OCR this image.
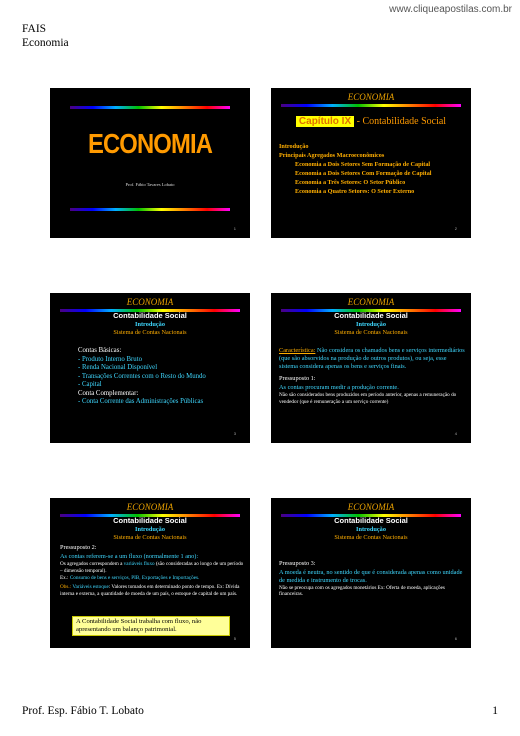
www.cliqueapostilas.com.br
FAIS
Economia
ECONOMIA
Prof. Fábio Tavares Lobato
1
ECONOMIA
Capítulo IX - Contabilidade Social
Introdução
Principais Agregados Macroeconômicos
Economia a Dois Setores Sem Formação de Capital
Economia a Dois Setores Com Formação de Capital
Economia a Três Setores: O Setor Público
Economia a Quatro Setores: O Setor Externo
2
ECONOMIA
Contabilidade Social
Introdução
Sistema de Contas Nacionais
Contas Básicas:
- Produto Interno Bruto
- Renda Nacional Disponível
- Transações Correntes com o Resto do Mundo
- Capital
Conta Complementar:
- Conta Corrente das Administrações Públicas
3
ECONOMIA
Contabilidade Social
Introdução
Sistema de Contas Nacionais
Característica: Não considera os chamados bens e serviços intermediários (que são absorvidos na produção de outros produtos), ou seja, esse sistema considera apenas os bens e serviços finais.
Pressuposto 1:
As contas procuram medir a produção corrente.
Não são considerados bens produzidos em período anterior, apenas a remuneração do vendedor (que é remuneração a um serviço corrente)
4
ECONOMIA
Contabilidade Social
Introdução
Sistema de Contas Nacionais
Pressuposto 2:
As contas referem-se a um fluxo (normalmente 1 ano):
Os agregados correspondem a variáveis fluxo (são consideradas ao longo de um período – dimensão temporal).
Ex.: Consumo de bens e serviços, PIB, Exportações e Importações.
Obs.: Variáveis estoque: Valores tomados em determinado ponto de tempo. Ex: Dívida interna e externa, a quantidade de moeda de um país, o estoque de capital de um país.
A Contabilidade Social trabalha com fluxo, não apresentando um balanço patrimonial.
5
ECONOMIA
Contabilidade Social
Introdução
Sistema de Contas Nacionais
Pressuposto 3:
A moeda é neutra, no sentido de que é considerada apenas como unidade de medida e instrumento de trocas.
Não se preocupa com os agregados monetários Ex: Oferta de moeda, aplicações financeiras.
6
Prof. Esp. Fábio T. Lobato	1
